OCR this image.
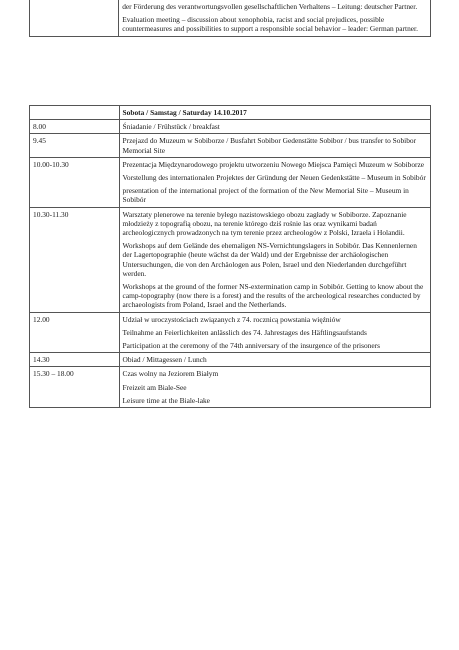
der Förderung des verantwortungsvollen gesellschaftlichen Verhaltens – Leitung: deutscher Partner.

Evaluation meeting – discussion about xenophobia, racist and social prejudices, possible countermeasures and possibilities to support a responsible social behavior – leader: German partner.

	Sobota / Samstag / Saturday 14.10.2017
8.00	Śniadanie / Frühstück / breakfast

9.45	Przejazd do Muzeum w Sobiborze / Busfahrt Sobibor Gedenstätte Sobibor / bus transfer to Sobibor Memorial Site

10.00-10.30	Prezentacja Międzynarodowego projektu utworzeniu Nowego Miejsca Pamięci Muzeum w Sobiborze

Vorstellung des internationalen Projektes der Gründung der Neuen Gedenkstätte – Museum in Sobibór

presentation of the international project of the formation of the New Memorial Site – Museum in Sobibór

10.30-11.30	Warsztaty plenerowe na terenie byłego nazistowskiego obozu zagłady w Sobiborze. Zapoznanie młodzieży z topografią obozu, na terenie którego dziś rośnie las oraz wynikami badań archeologicznych prowadzonych na tym terenie przez archeologów z Polski, Izraela i Holandii.

Workshops auf dem Gelände des ehemaligen NS-Vernichtungslagers in Sobibór. Das Kennenlernen der Lagertopographie (heute wächst da der Wald) und der Ergebnisse der archäologischen Untersuchungen, die von den Archäologen aus Polen, Israel und den Niederlanden durchgeführt werden.

Workshops at the ground of the former NS-extermination camp in Sobibór. Getting to know about the camp-topography (now there is a forest) and the results of the archeological researches conducted by archaeologists from Poland, Israel and the Netherlands.

12.00	Udział w uroczystościach związanych z 74. rocznicą powstania więźniów

Teilnahme an Feierlichkeiten anlässlich des 74. Jahrestages des Häftlingsaufstands

Participation at the ceremony of the 74th anniversary of the insurgence of the prisoners

14.30	Obiad / Mittagessen / Lunch

15.30 – 18.00	Czas wolny na Jeziorem Białym

Freizeit am Biale-See

Leisure time at the Biale-lake
